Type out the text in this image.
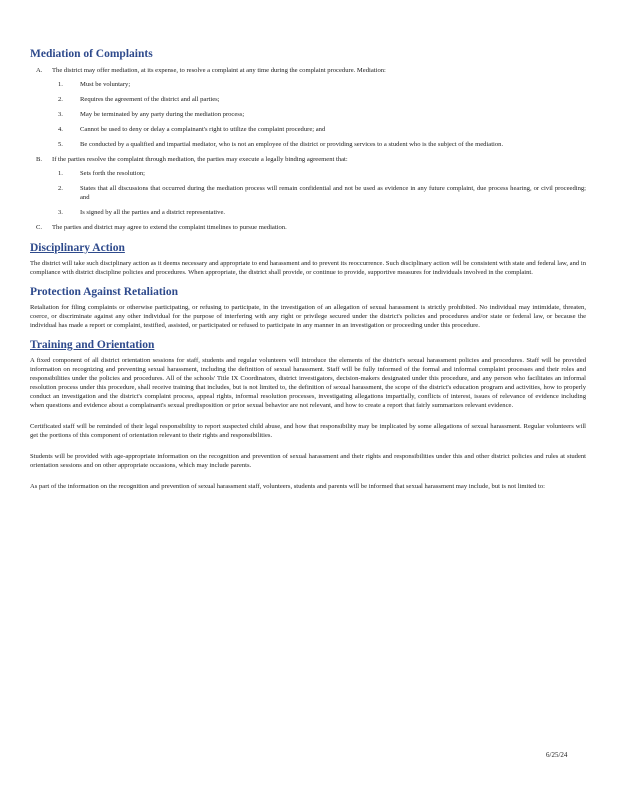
Mediation of Complaints
A. The district may offer mediation, at its expense, to resolve a complaint at any time during the complaint procedure. Mediation:
1.	Must be voluntary;
2.	Requires the agreement of the district and all parties;
3.	May be terminated by any party during the mediation process;
4.	Cannot be used to deny or delay a complainant's right to utilize the complaint procedure; and
5.	Be conducted by a qualified and impartial mediator, who is not an employee of the district or providing services to a student who is the subject of the mediation.
B. If the parties resolve the complaint through mediation, the parties may execute a legally binding agreement that:
1.	Sets forth the resolution;
2.	States that all discussions that occurred during the mediation process will remain confidential and not be used as evidence in any future complaint, due process hearing, or civil proceeding; and
3.	Is signed by all the parties and a district representative.
C. The parties and district may agree to extend the complaint timelines to pursue mediation.
Disciplinary Action

The district will take such disciplinary action as it deems necessary and appropriate to end harassment and to prevent its reoccurrence. Such disciplinary action will be consistent with state and federal law, and in compliance with district discipline policies and procedures. When appropriate, the district shall provide, or continue to provide, supportive measures for individuals involved in the complaint.

Protection Against Retaliation

Retaliation for filing complaints or otherwise participating, or refusing to participate, in the investigation of an allegation of sexual harassment is strictly prohibited. No individual may intimidate, threaten, coerce, or discriminate against any other individual for the purpose of interfering with any right or privilege secured under the district's policies and procedures and/or state or federal law, or because the individual has made a report or complaint, testified, assisted, or participated or refused to participate in any manner in an investigation or proceeding under this procedure.

Training and Orientation

A fixed component of all district orientation sessions for staff, students and regular volunteers will introduce the elements of the district's sexual harassment policies and procedures. Staff will be provided information on recognizing and preventing sexual harassment, including the definition of sexual harassment. Staff will be fully informed of the formal and informal complaint processes and their roles and responsibilities under the policies and procedures. All of the schools' Title IX Coordinators, district investigators, decision-makers designated under this procedure, and any person who facilitates an informal resolution process under this procedure, shall receive training that includes, but is not limited to, the definition of sexual harassment, the scope of the district's education program and activities, how to properly conduct an investigation and the district's complaint process, appeal rights, informal resolution processes, investigating allegations impartially, conflicts of interest, issues of relevance of evidence including when questions and evidence about a complainant's sexual predisposition or prior sexual behavior are not relevant, and how to create a report that fairly summarizes relevant evidence.

Certificated staff will be reminded of their legal responsibility to report suspected child abuse, and how that responsibility may be implicated by some allegations of sexual harassment. Regular volunteers will get the portions of this component of orientation relevant to their rights and responsibilities.

Students will be provided with age-appropriate information on the recognition and prevention of sexual harassment and their rights and responsibilities under this and other district policies and rules at student orientation sessions and on other appropriate occasions, which may include parents.

As part of the information on the recognition and prevention of sexual harassment staff, volunteers, students and parents will be informed that sexual harassment may include, but is not limited to:

6/25/24
